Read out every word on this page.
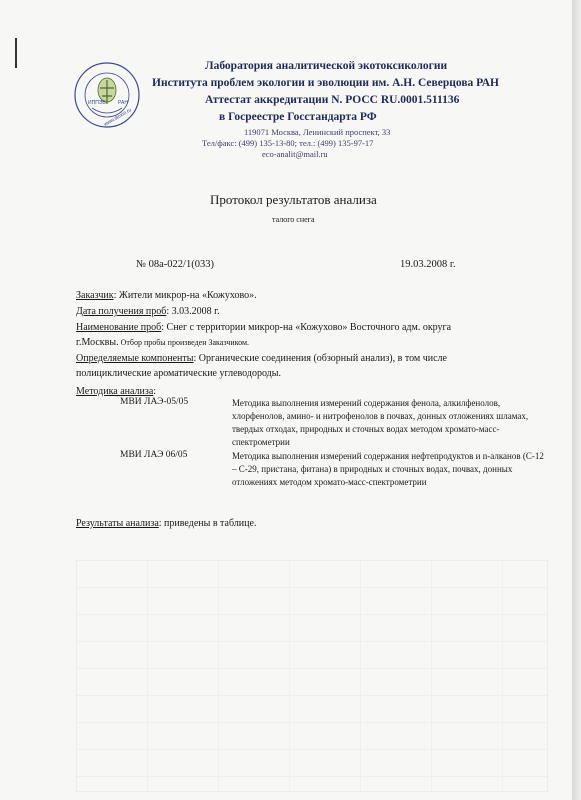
ИППЭВ РАН
www.dioxin.ru
Лаборатория аналитической экотоксикологии
Института проблем экологии и эволюции им. А.Н. Северцова РАН
Аттестат аккредитации N. РОСС RU.0001.511136
в Госреестре Госстандарта РФ
119071 Москва, Ленинский проспект, 33
Тел/факс: (499) 135-13-80; тел.: (499) 135-97-17
eco-analit@mail.ru
Протокол результатов анализа
талого снега
№ 08а-022/1(033)	19.03.2008 г.
Заказчик: Жители микрор-на «Кожухово».
Дата получения проб: 3.03.2008 г.
Наименование проб: Снег с территории микрор-на «Кожухово» Восточного адм. округа
г.Москвы. Отбор пробы произведен Заказчиком.
Определяемые компоненты: Органические соединения (обзорный анализ), в том числе
полициклические ароматические углеводороды.
Методика анализа:
МВИ ЛАЭ-05/05	Методика выполнения измерений содержания фенола, алкилфенолов, хлорфенолов, амино- и нитрофенолов в почвах, донных отложениях шламах, твердых отходах, природных и сточных водах методом хромато-масс-спектрометрии
МВИ ЛАЭ 06/05	Методика выполнения измерений содержания нефтепродуктов и n-алканов (С-12 – С-29, пристана, фитана) в природных и сточных водах, почвах, донных отложениях методом хромато-масс-спектрометрии
Результаты анализа: приведены в таблице.
